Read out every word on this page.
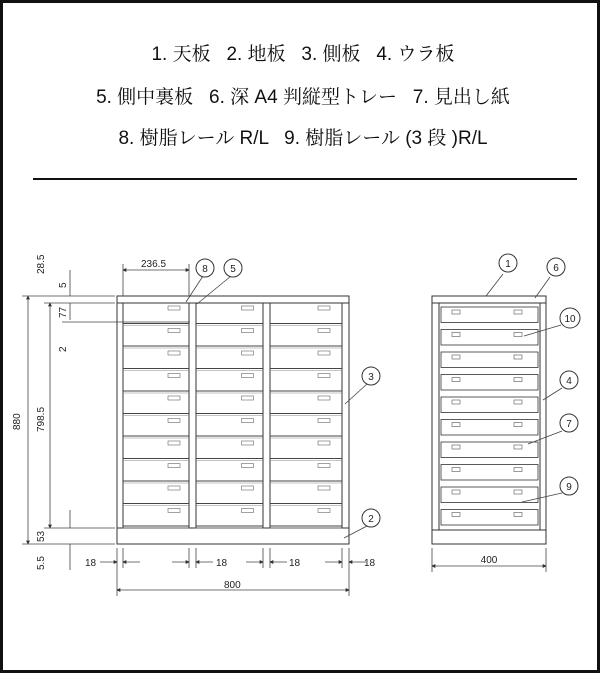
1. 天板   2. 地板   3. 側板   4. ウラ板
5. 側中裏板   6. 深 A4 判縦型トレー   7. 見出し紙
8. 樹脂レール R/L   9. 樹脂レール (3 段 )R/L
28.5
5
77
2
880 798.5
53
5.5
236.5
18	18	18	18
800
8 5
3
2
400
1	6
10
4
7
9
